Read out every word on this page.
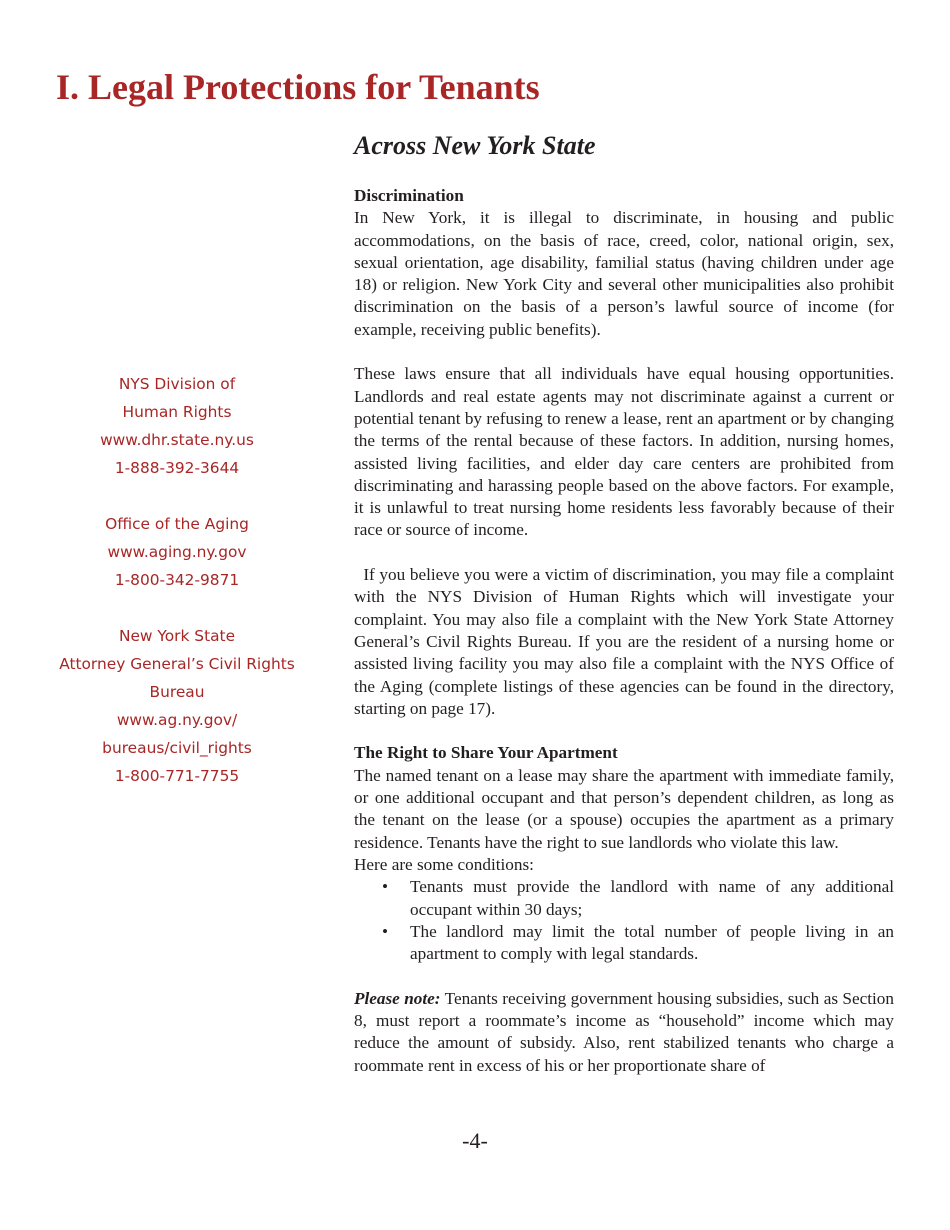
I. Legal Protections for Tenants
Across New York State
NYS Division of
Human Rights
www.dhr.state.ny.us
1-888-392-3644
Office of the Aging
www.aging.ny.gov
1-800-342-9871
New York State
Attorney General’s Civil Rights
Bureau
www.ag.ny.gov/
bureaus/civil_rights
1-800-771-7755
Discrimination

In New York, it is illegal to discriminate, in housing and public accommodations, on the basis of race, creed, color, national origin, sex, sexual orientation, age disability, familial status (having children under age 18) or religion. New York City and several other municipalities also prohibit discrimination on the basis of a person’s lawful source of income (for example, receiving public benefits).

These laws ensure that all individuals have equal housing opportunities. Landlords and real estate agents may not discriminate against a current or potential tenant by refusing to renew a lease, rent an apartment or by changing the terms of the rental because of these factors. In addition, nursing homes, assisted living facilities, and elder day care centers are prohibited from discriminating and harassing people based on the above factors. For example, it is unlawful to treat nursing home residents less favorably because of their race or source of income.

If you believe you were a victim of discrimination, you may file a complaint with the NYS Division of Human Rights which will investigate your complaint. You may also file a complaint with the New York State Attorney General’s Civil Rights Bureau. If you are the resident of a nursing home or assisted living facility you may also file a complaint with the NYS Office of the Aging (complete listings of these agencies can be found in the directory, starting on page 17).

The Right to Share Your Apartment

The named tenant on a lease may share the apartment with immediate family, or one additional occupant and that person’s dependent children, as long as the tenant on the lease (or a spouse) occupies the apartment as a primary residence. Tenants have the right to sue landlords who violate this law.

Here are some conditions:

• Tenants must provide the landlord with name of any additional occupant within 30 days;
• The landlord may limit the total number of people living in an apartment to comply with legal standards.

Please note: Tenants receiving government housing subsidies, such as Section 8, must report a roommate’s income as “household” income which may reduce the amount of subsidy. Also, rent stabilized tenants who charge a roommate rent in excess of his or her proportionate share of

-4-
